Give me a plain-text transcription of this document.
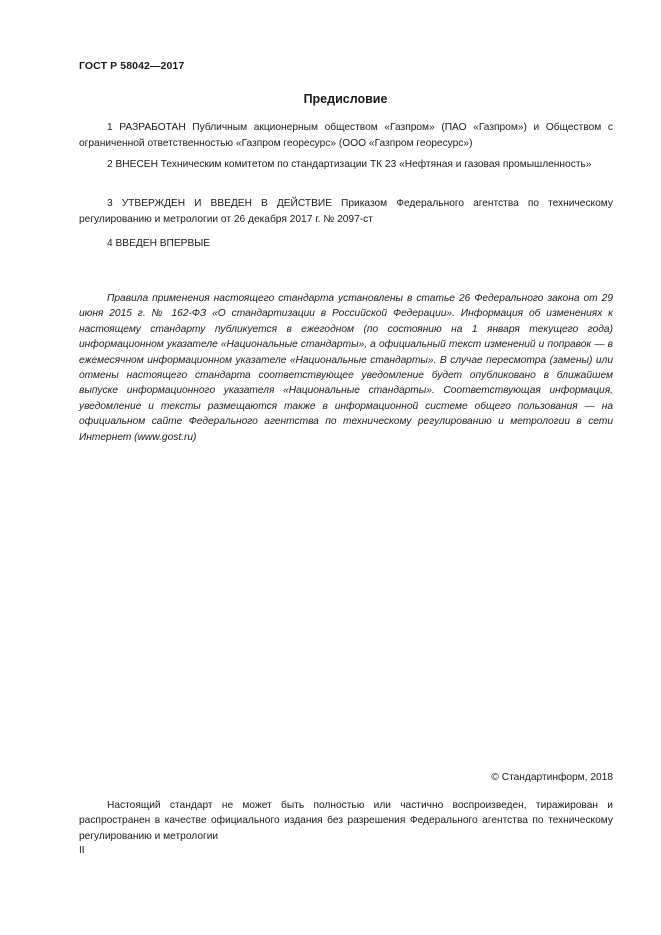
ГОСТ Р 58042—2017
Предисловие

1 РАЗРАБОТАН Публичным акционерным обществом «Газпром» (ПАО «Газпром») и Обществом с ограниченной ответственностью «Газпром георесурс» (ООО «Газпром георесурс»)

2 ВНЕСЕН Техническим комитетом по стандартизации ТК 23 «Нефтяная и газовая промышленность»

3 УТВЕРЖДЕН И ВВЕДЕН В ДЕЙСТВИЕ Приказом Федерального агентства по техническому регулированию и метрологии от 26 декабря 2017 г. № 2097-ст

4 ВВЕДЕН ВПЕРВЫЕ

Правила применения настоящего стандарта установлены в статье 26 Федерального закона от 29 июня 2015 г. № 162-ФЗ «О стандартизации в Российской Федерации». Информация об изменениях к настоящему стандарту публикуется в ежегодном (по состоянию на 1 января текущего года) информационном указателе «Национальные стандарты», а официальный текст изменений и поправок — в ежемесячном информационном указателе «Национальные стандарты». В случае пересмотра (замены) или отмены настоящего стандарта соответствующее уведомление будет опубликовано в ближайшем выпуске информационного указателя «Национальные стандарты». Соответствующая информация, уведомление и тексты размещаются также в информационной системе общего пользования — на официальном сайте Федерального агентства по техническому регулированию и метрологии в сети Интернет (www.gost.ru)

© Стандартинформ, 2018

Настоящий стандарт не может быть полностью или частично воспроизведен, тиражирован и распространен в качестве официального издания без разрешения Федерального агентства по техническому регулированию и метрологии

II
